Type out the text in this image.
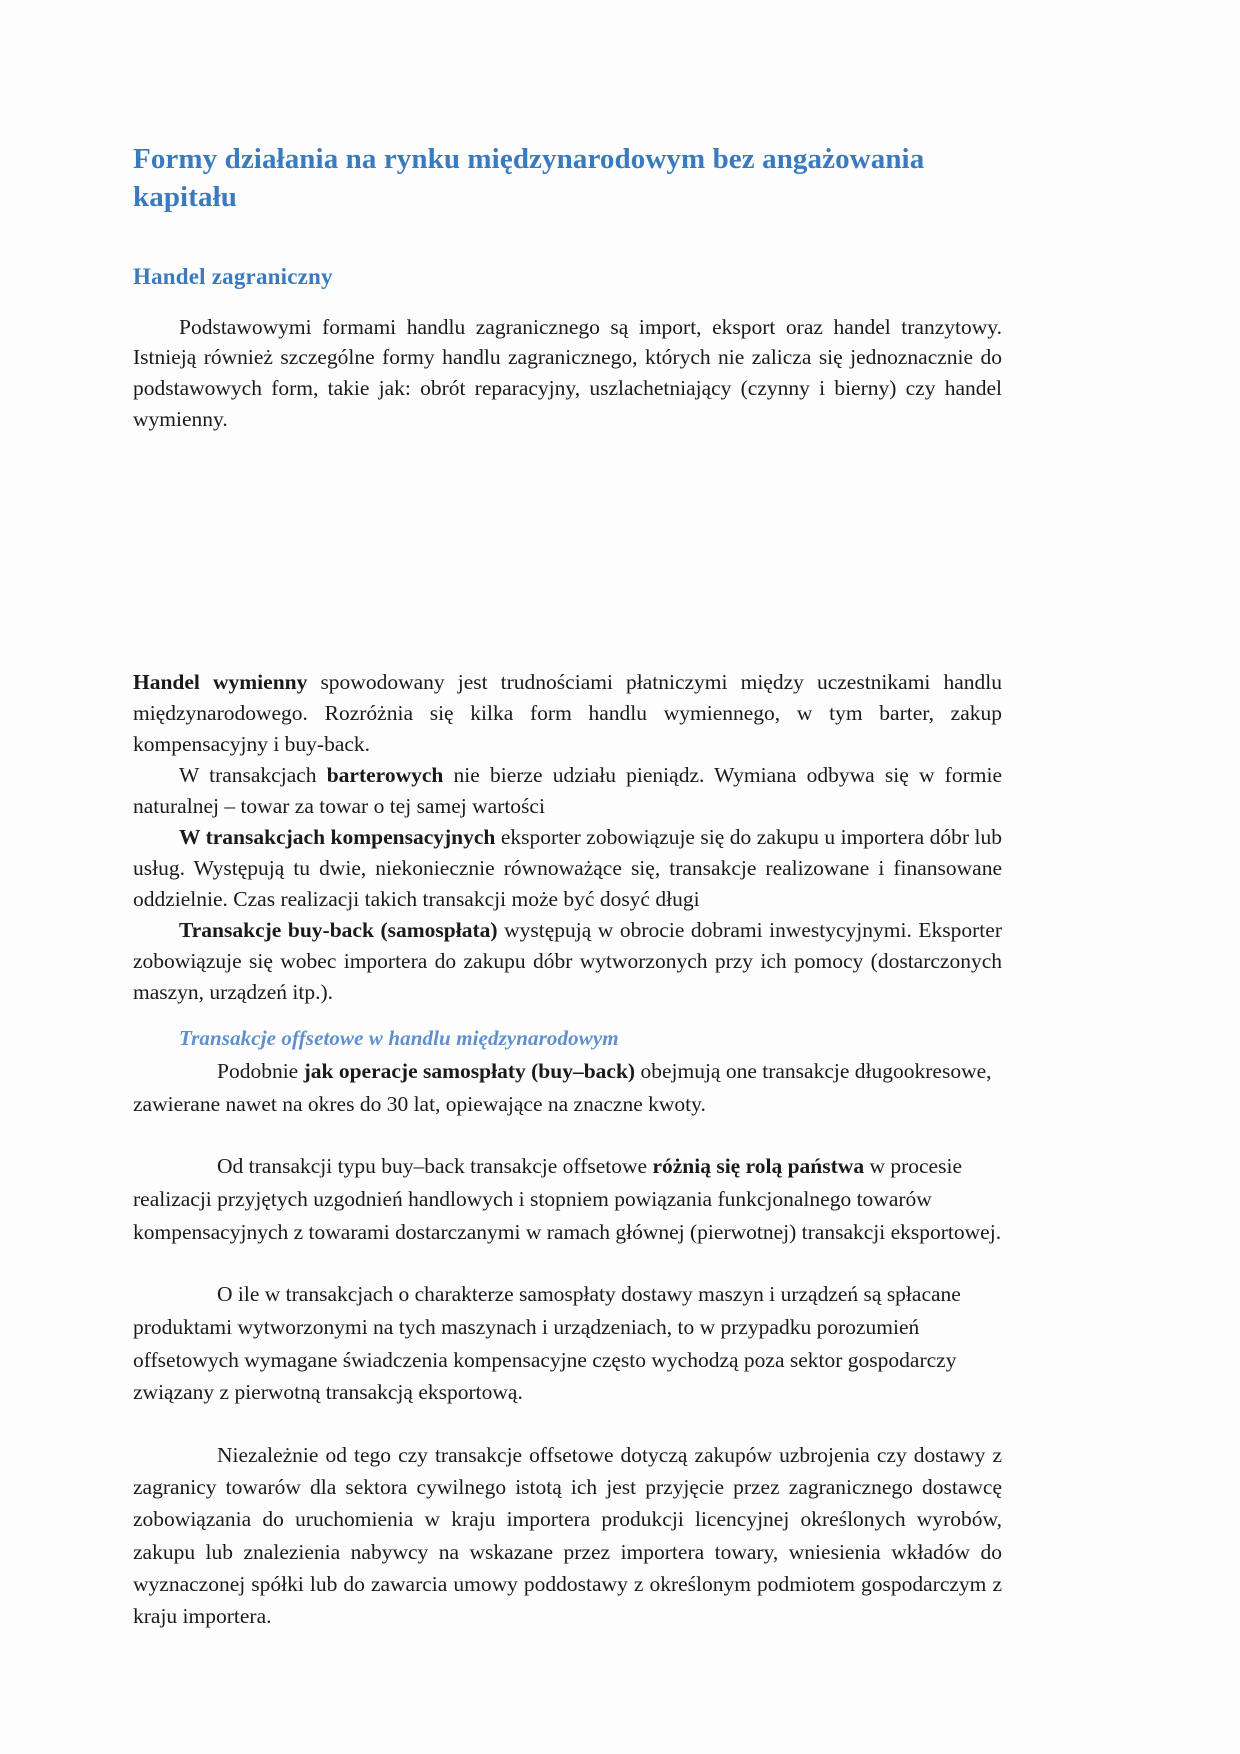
Formy działania na rynku międzynarodowym bez angażowania kapitału
Handel zagraniczny

Podstawowymi formami handlu zagranicznego są import, eksport oraz handel tranzytowy. Istnieją również szczególne formy handlu zagranicznego, których nie zalicza się jednoznacznie do podstawowych form, takie jak: obrót reparacyjny, uszlachetniający (czynny i bierny) czy handel wymienny.

Handel wymienny spowodowany jest trudnościami płatniczymi między uczestnikami handlu międzynarodowego. Rozróżnia się kilka form handlu wymiennego, w tym barter, zakup kompensacyjny i buy-back.

W transakcjach barterowych nie bierze udziału pieniądz. Wymiana odbywa się w formie naturalnej – towar za towar o tej samej wartości

W transakcjach kompensacyjnych eksporter zobowiązuje się do zakupu u importera dóbr lub usług. Występują tu dwie, niekoniecznie równoważące się, transakcje realizowane i finansowane oddzielnie. Czas realizacji takich transakcji może być dosyć długi

Transakcje buy-back (samospłata) występują w obrocie dobrami inwestycyjnymi. Eksporter zobowiązuje się wobec importera do zakupu dóbr wytworzonych przy ich pomocy (dostarczonych maszyn, urządzeń itp.).

Transakcje offsetowe w handlu międzynarodowym

Podobnie jak operacje samospłaty (buy–back) obejmują one transakcje długookresowe, zawierane nawet na okres do 30 lat, opiewające na znaczne kwoty.

Od transakcji typu buy–back transakcje offsetowe różnią się rolą państwa w procesie realizacji przyjętych uzgodnień handlowych i stopniem powiązania funkcjonalnego towarów kompensacyjnych z towarami dostarczanymi w ramach głównej (pierwotnej) transakcji eksportowej.

O ile w transakcjach o charakterze samospłaty dostawy maszyn i urządzeń są spłacane produktami wytworzonymi na tych maszynach i urządzeniach, to w przypadku porozumień offsetowych wymagane świadczenia kompensacyjne często wychodzą poza sektor gospodarczy związany z pierwotną transakcją eksportową.

Niezależnie od tego czy transakcje offsetowe dotyczą zakupów uzbrojenia czy dostawy z zagranicy towarów dla sektora cywilnego istotą ich jest przyjęcie przez zagranicznego dostawcę zobowiązania do uruchomienia w kraju importera produkcji licencyjnej określonych wyrobów, zakupu lub znalezienia nabywcy na wskazane przez importera towary, wniesienia wkładów do wyznaczonej spółki lub do zawarcia umowy poddostawy z określonym podmiotem gospodarczym z kraju importera.
